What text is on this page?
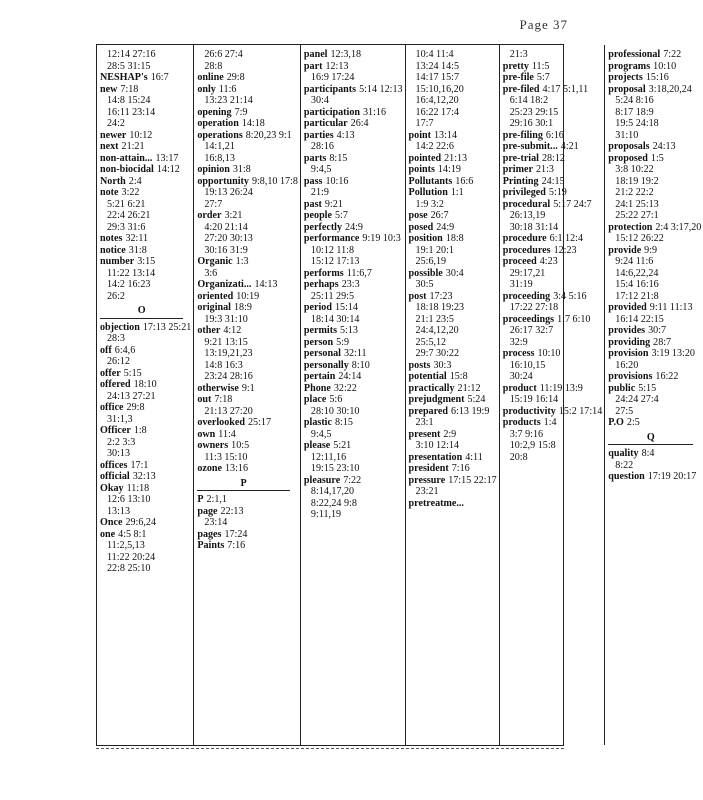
Page 37
12:14 27:16
28:5 31:15
NESHAP's 16:7
new 7:18
14:8 15:24
16:11 23:14
24:2
newer 10:12
next 21:21
non-attain... 13:17
non-biocidal 14:12
North 2:4
note 3:22
5:21 6:21
22:4 26:21
29:3 31:6
notes 32:11
notice 31:8
number 3:15
11:22 13:14
14:2 16:23
26:2
O
objection 17:13 25:21
28:3
off 6:4,6
26:12
offer 5:15
offered 18:10
24:13 27:21
office 29:8
31:1,3
Officer 1:8
2:2 3:3
30:13
offices 17:1
official 32:13
Okay 11:18
12:6 13:10
13:13
Once 29:6,24
one 4:5 8:1
11:2,5,13
11:22 20:24
22:8 25:10
26:6 27:4
28:8
online 29:8
only 11:6
13:23 21:14
opening 7:9
operation 14:18
operations 8:20,23 9:1
14:1,21
16:8,13
opinion 31:8
opportunity 9:8,10 17:8
19:13 26:24
27:7
order 3:21
4:20 21:14
27:20 30:13
30:16 31:9
Organic 1:3
3:6
Organizati... 14:13
oriented 10:19
original 18:9
19:3 31:10
other 4:12
9:21 13:15
13:19,21,23
14:8 16:3
23:24 28:16
otherwise 9:1
out 7:18
21:13 27:20
overlooked 25:17
own 11:4
owners 10:5
11:3 15:10
ozone 13:16
P
P 2:1,1
page 22:13
23:14
pages 17:24
Paints 7:16
panel 12:3,18
part 12:13
16:9 17:24
participants 5:14 12:13
30:4
participation 31:16
particular 26:4
parties 4:13
28:16
parts 8:15
9:4,5
pass 10:16
21:9
past 9:21
people 5:7
perfectly 24:9
performance 9:19 10:3
10:12 11:8
15:12 17:13
performs 11:6,7
perhaps 23:3
25:11 29:5
period 15:14
18:14 30:14
permits 5:13
person 5:9
personal 32:11
personally 8:10
pertain 24:14
Phone 32:22
place 5:6
28:10 30:10
plastic 8:15
9:4,5
please 5:21
12:11,16
19:15 23:10
pleasure 7:22
8:14,17,20
8:22,24 9:8
9:11,19
10:4 11:4
13:24 14:5
14:17 15:7
15:10,16,20
16:4,12,20
16:22 17:4
17:7
point 13:14
14:2 22:6
pointed 21:13
points 14:19
Pollutants 16:6
Pollution 1:1
1:9 3:2
pose 26:7
posed 24:9
position 18:8
19:1 20:1
25:6,19
possible 30:4
30:5
post 17:23
18:18 19:23
21:1 23:5
24:4,12,20
25:5,12
29:7 30:22
posts 30:3
potential 15:8
practically 21:12
prejudgment 5:24
prepared 6:13 19:9
23:1
present 2:9
3:10 12:14
presentation 4:11
president 7:16
pressure 17:15 22:17
23:21
pretreatme...
21:3
pretty 11:5
pre-file 5:7
pre-filed 4:17 5:1,11
6:14 18:2
25:23 29:15
29:16 30:1
pre-filing 6:16
pre-submit... 4:21
pre-trial 28:12
primer 21:3
Printing 24:15
privileged 5:19
procedural 5:17 24:7
26:13,19
30:18 31:14
procedure 6:1 12:4
procedures 12:23
proceed 4:23
29:17,21
31:19
proceeding 3:4 5:16
17:22 27:18
proceedings 1:7 6:10
26:17 32:7
32:9
process 10:10
16:10,15
30:24
product 11:19 13:9
15:19 16:14
productivity 15:2 17:14
products 1:4
3:7 9:16
10:2,9 15:8
20:8
professional 7:22
programs 10:10
projects 15:16
proposal 3:18,20,24
5:24 8:16
8:17 18:9
19:5 24:18
31:10
proposals 24:13
proposed 1:5
3:8 10:22
18:19 19:2
21:2 22:2
24:1 25:13
25:22 27:1
protection 2:4 3:17,20
15:12 26:22
provide 9:9
9:24 11:6
14:6,22,24
15:4 16:16
17:12 21:8
provided 9:11 11:13
16:14 22:15
provides 30:7
providing 28:7
provision 3:19 13:20
16:20
provisions 16:22
public 5:15
24:24 27:4
27:5
P.O 2:5
Q
quality 8:4
8:22
question 17:19 20:17
